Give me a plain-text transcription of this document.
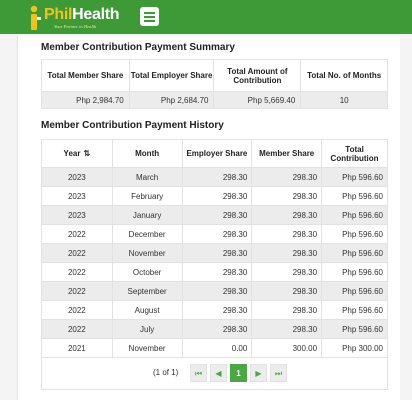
PhilHealth
Your Partner in Health
Member Contribution Payment Summary
Total Member Share	Total Employer Share	Total Amount of Contribution	Total No. of Months
Php 2,984.70	Php 2,684.70	Php 5,669.40	10
Member Contribution Payment History
Year ⇅	Month	Employer Share	Member Share	Total Contribution
2023	March	298.30	298.30	Php 596.60
2023	February	298.30	298.30	Php 596.60
2023	January	298.30	298.30	Php 596.60
2022	December	298.30	298.30	Php 596.60
2022	November	298.30	298.30	Php 596.60
2022	October	298.30	298.30	Php 596.60
2022	September	298.30	298.30	Php 596.60
2022	August	298.30	298.30	Php 596.60
2022	July	298.30	298.30	Php 596.60
2021	November	0.00	300.00	Php 300.00

(1 of 1)	⏮	◀	1	▶	⏭
